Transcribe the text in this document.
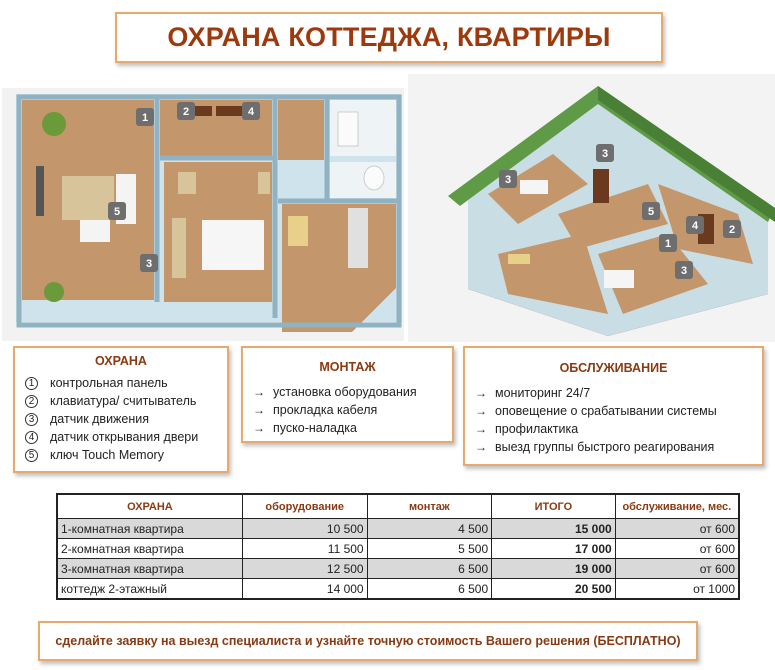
ОХРАНА КОТТЕДЖА, КВАРТИРЫ
1	2
3
4
5
1
2
3
3
3
4
5
ОХРАНА
1 контрольная панель
2 клавиатура/ считыватель
3 датчик движения
4 датчик открывания двери
5 ключ Touch Memory
МОНТАЖ
→ установка оборудования
→ прокладка кабеля
→ пуско-наладка
ОБСЛУЖИВАНИЕ
→ мониторинг 24/7
→ оповещение о срабатывании системы
→ профилактика
→ выезд группы быстрого реагирования
ОХРАНА	оборудование	монтаж	ИТОГО	обслуживание, мес.
1-комнатная квартира	10 500	4 500	15 000	от 600
2-комнатная квартира	11 500	5 500	17 000	от 600
3-комнатная квартира	12 500	6 500	19 000	от 600
коттедж 2-этажный	14 000	6 500	20 500	от 1000
сделайте заявку на выезд специалиста и узнайте точную стоимость Вашего решения (БЕСПЛАТНО)
